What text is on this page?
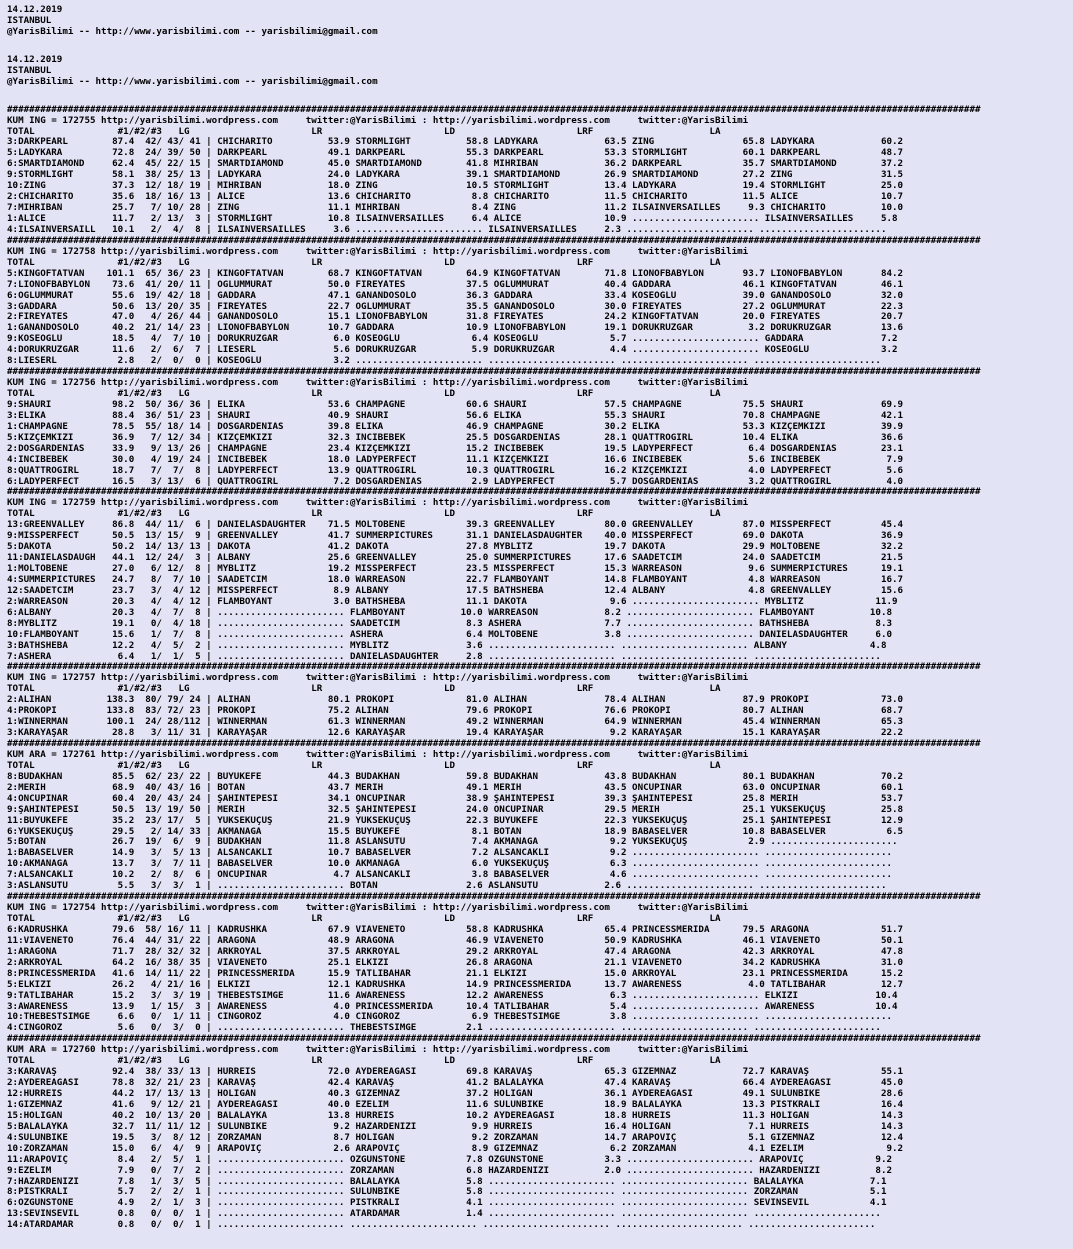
14.12.2019
ISTANBUL
@YarisBilimi -- http://www.yarisbilimi.com -- yarisbilimi@gmail.com
14.12.2019
ISTANBUL
@YarisBilimi -- http://www.yarisbilimi.com -- yarisbilimi@gmail.com
################################################################################################################################################################################
KUM ING = 172755 http://yarisbilimi.wordpress.com     twitter:@YarisBilimi : http://yarisbilimi.wordpress.com     twitter:@YarisBilimi
TOTAL               #1/#2/#3   LG                      LR                      LD                      LRF                     LA
3:DARKPEARL        87.4  42/ 43/ 41 | CHICHARITO          53.9 STORMLIGHT          58.8 LADYKARA            63.5 ZING                65.8 LADYKARA            60.2
5:LADYKARA         72.8  24/ 39/ 50 | DARKPEARL           49.1 DARKPEARL           55.3 DARKPEARL           53.3 STORMLIGHT          60.1 DARKPEARL           48.7
6:SMARTDIAMOND     62.4  45/ 22/ 15 | SMARTDIAMOND        45.0 SMARTDIAMOND        41.8 MİHRİBAN            36.2 DARKPEARL           35.7 SMARTDIAMOND        37.2
9:STORMLIGHT       58.1  38/ 25/ 13 | LADYKARA            24.0 LADYKARA            39.1 SMARTDIAMOND        26.9 SMARTDIAMOND        27.2 ZING                31.5
10:ZING            37.3  12/ 18/ 19 | MİHRİBAN            18.0 ZING                10.5 STORMLIGHT          13.4 LADYKARA            19.4 STORMLIGHT          25.0
2:CHICHARITO       35.6  18/ 16/ 13 | ALICE               13.6 CHICHARITO           8.8 CHICHARITO          11.5 CHICHARITO          11.5 ALICE               10.7
7:MİHRİBAN         25.7   7/ 10/ 28 | ZING                11.1 MİHRİBAN             8.4 ZING                11.2 ILSAINVERSAILLES     9.3 CHICHARITO          10.0
1:ALICE            11.7   2/ 13/  3 | STORMLIGHT          10.8 ILSAINVERSAILLES     6.4 ALICE               10.9 ....................... ILSAINVERSAILLES     5.8
4:ILSAINVERSAILL   10.1   2/  4/  8 | ILSAINVERSAILLES     3.6 ....................... ILSAINVERSAILLES     2.3 ....................... .......................
################################################################################################################################################################################
KUM ING = 172758 http://yarisbilimi.wordpress.com     twitter:@YarisBilimi : http://yarisbilimi.wordpress.com     twitter:@YarisBilimi
TOTAL               #1/#2/#3   LG                      LR                      LD                      LRF                     LA
5:KINGOFTATVAN    101.1  65/ 36/ 23 | KINGOFTATVAN        68.7 KINGOFTATVAN        64.9 KINGOFTATVAN        71.8 LIONOFBABYLON       93.7 LIONOFBABYLON       84.2
7:LIONOFBABYLON    73.6  41/ 20/ 11 | OGLUMMURAT          50.0 FIREYATES           37.5 OGLUMMURAT          40.4 GADDARA             46.1 KINGOFTATVAN        46.1
6:OGLUMMURAT       55.6  19/ 42/ 18 | GADDARA             47.1 GANANDOSOLO         36.3 GADDARA             33.4 KOSEOGLU            39.0 GANANDOSOLO         32.0
3:GADDARA          50.6  13/ 20/ 35 | FIREYATES           22.7 OGLUMMURAT          35.5 GANANDOSOLO         30.0 FIREYATES           27.2 OGLUMMURAT          22.3
2:FIREYATES        47.0   4/ 26/ 44 | GANANDOSOLO         15.1 LIONOFBABYLON       31.8 FIREYATES           24.2 KINGOFTATVAN        20.0 FIREYATES           20.7
1:GANANDOSOLO      40.2  21/ 14/ 23 | LIONOFBABYLON       10.7 GADDARA             10.9 LIONOFBABYLON       19.1 DORUKRUZGAR          3.2 DORUKRUZGAR         13.6
9:KOSEOGLU         18.5   4/  7/ 10 | DORUKRUZGAR          6.0 KOSEOGLU             6.4 KOSEOGLU             5.7 ....................... GADDARA              7.2
4:DORUKRUZGAR      11.6   2/  6/  7 | LIESERL              5.6 DORUKRUZGAR          5.9 DORUKRUZGAR          4.4 ....................... KOSEOGLU             3.2
8:LIESERL           2.8   2/  0/  0 | KOSEOGLU             3.2 ....................... ....................... ....................... .......................
################################################################################################################################################################################
KUM ING = 172756 http://yarisbilimi.wordpress.com     twitter:@YarisBilimi : http://yarisbilimi.wordpress.com     twitter:@YarisBilimi
TOTAL               #1/#2/#3   LG                      LR                      LD                      LRF                     LA
9:SHAURI           98.2  50/ 36/ 36 | ELIKA               53.6 CHAMPAGNE           60.6 SHAURI              57.5 CHAMPAGNE           75.5 SHAURI              69.9
3:ELIKA            88.4  36/ 51/ 23 | SHAURI              40.9 SHAURI              56.6 ELIKA               55.3 SHAURI              70.8 CHAMPAGNE           42.1
1:CHAMPAGNE        78.5  55/ 18/ 14 | DOSGARDENIAS        39.8 ELIKA               46.9 CHAMPAGNE           30.2 ELIKA               53.3 KIZÇEMKIZI          39.9
5:KIZÇEMKIZI       36.9   7/ 12/ 34 | KIZÇEMKIZI          32.3 İNCİBEBEK           25.5 DOSGARDENIAS        28.1 QUATTROGIRL         10.4 ELIKA               36.6
2:DOSGARDENIAS     33.9   9/ 13/ 26 | CHAMPAGNE           23.4 KIZÇEMKIZI          15.2 İNCİBEBEK           19.5 LADYPERFECT          6.4 DOSGARDENIAS        23.1
4:İNCİBEBEK        30.0   4/ 19/ 24 | İNCİBEBEK           18.0 LADYPERFECT         11.1 KIZÇEMKIZI          16.6 İNCİBEBEK            5.6 İNCİBEBEK            7.9
8:QUATTROGIRL      18.7   7/  7/  8 | LADYPERFECT         13.9 QUATTROGIRL         10.3 QUATTROGIRL         16.2 KIZÇEMKIZI           4.0 LADYPERFECT          5.6
6:LADYPERFECT      16.5   3/ 13/  6 | QUATTROGIRL          7.2 DOSGARDENIAS         2.9 LADYPERFECT          5.7 DOSGARDENIAS         3.2 QUATTROGIRL          4.0
################################################################################################################################################################################
KUM ING = 172759 http://yarisbilimi.wordpress.com     twitter:@YarisBilimi : http://yarisbilimi.wordpress.com     twitter:@YarisBilimi
TOTAL               #1/#2/#3   LG                      LR                      LD                      LRF                     LA
13:GREENVALLEY     86.8  44/ 11/  6 | DANIELASDAUGHTER    71.5 MOLTOBENE           39.3 GREENVALLEY         80.0 GREENVALLEY         87.0 MISSPERFECT         45.4
9:MISSPERFECT      50.5  13/ 15/  9 | GREENVALLEY         41.7 SUMMERPICTURES      31.1 DANIELASDAUGHTER    40.0 MISSPERFECT         69.0 DAKOTA              36.9
5:DAKOTA           50.2  14/ 13/ 13 | DAKOTA              41.2 DAKOTA              27.8 MYBLITZ             19.7 DAKOTA              29.9 MOLTOBENE           32.2
11:DANIELASDAUGH   44.1  12/ 24/  3 | ALBANY              25.6 GREENVALLEY         25.0 SUMMERPICTURES      17.6 SAADETCİM           24.0 SAADETCİM           21.5
1:MOLTOBENE        27.0   6/ 12/  8 | MYBLITZ             19.2 MISSPERFECT         23.5 MISSPERFECT         15.3 WARREASON            9.6 SUMMERPICTURES      19.1
4:SUMMERPICTURES   24.7   8/  7/ 10 | SAADETCİM           18.0 WARREASON           22.7 FLAMBOYANT          14.8 FLAMBOYANT           4.8 WARREASON           16.7
12:SAADETCİM       23.7   3/  4/ 12 | MISSPERFECT          8.9 ALBANY              17.5 BATHSHEBA           12.4 ALBANY               4.8 GREENVALLEY         15.6
2:WARREASON        20.3   4/  4/ 12 | FLAMBOYANT           3.0 BATHSHEBA           11.1 DAKOTA               9.6 ....................... MYBLITZ             11.9
6:ALBANY           20.3   4/  7/  8 | ....................... FLAMBOYANT          10.0 WARREASON            8.2 ....................... FLAMBOYANT          10.8
8:MYBLITZ          19.1   0/  4/ 18 | ....................... SAADETCİM            8.3 ASHERA               7.7 ....................... BATHSHEBA            8.3
10:FLAMBOYANT      15.6   1/  7/  8 | ....................... ASHERA               6.4 MOLTOBENE            3.8 ....................... DANIELASDAUGHTER     6.0
3:BATHSHEBA        12.2   4/  5/  2 | ....................... MYBLITZ              3.6 ....................... ....................... ALBANY               4.8
7:ASHERA            6.4   1/  1/  5 | ....................... DANIELASDAUGHTER     2.8 ....................... ....................... .......................
################################################################################################################################################################################
KUM ING = 172757 http://yarisbilimi.wordpress.com     twitter:@YarisBilimi : http://yarisbilimi.wordpress.com     twitter:@YarisBilimi
TOTAL               #1/#2/#3   LG                      LR                      LD                      LRF                     LA
2:ALİHAN          138.3  80/ 79/ 24 | ALİHAN              80.1 PROKOPİ             81.0 ALİHAN              78.4 ALİHAN              87.9 PROKOPİ             73.0
4:PROKOPİ         133.8  83/ 72/ 23 | PROKOPİ             75.2 ALİHAN              79.6 PROKOPİ             76.6 PROKOPİ             80.7 ALİHAN              68.7
1:WINNERMAN       100.1  24/ 28/112 | WINNERMAN           61.3 WINNERMAN           49.2 WINNERMAN           64.9 WINNERMAN           45.4 WINNERMAN           65.3
3:KARAYAŞAR        28.8   3/ 11/ 31 | KARAYAŞAR           12.6 KARAYAŞAR           19.4 KARAYAŞAR            9.2 KARAYAŞAR           15.1 KARAYAŞAR           22.2
################################################################################################################################################################################
KUM ARA = 172761 http://yarisbilimi.wordpress.com     twitter:@YarisBilimi : http://yarisbilimi.wordpress.com     twitter:@YarisBilimi
TOTAL               #1/#2/#3   LG                      LR                      LD                      LRF                     LA
8:BUDAKHAN         85.5  62/ 23/ 22 | BÜYÜKEFE            44.3 BUDAKHAN            59.8 BUDAKHAN            43.8 BUDAKHAN            80.1 BUDAKHAN            70.2
2:MERİH            68.9  40/ 43/ 16 | BOTAN               43.7 MERİH               49.1 MERİH               43.5 ONCUPINAR           63.0 ONCUPINAR           60.1
4:ONCUPINAR        60.4  20/ 43/ 24 | ŞAHİNTEPESİ         34.1 ONCUPINAR           38.9 ŞAHİNTEPESİ         39.3 ŞAHİNTEPESİ         25.8 MERİH               53.7
9:ŞAHİNTEPESİ      50.5  13/ 19/ 50 | MERİH               32.5 ŞAHİNTEPESİ         24.0 ONCUPINAR           29.5 MERİH               25.1 YÜKSEKUÇUŞ          25.8
11:BÜYÜKEFE        35.2  23/ 17/  5 | YÜKSEKUÇUŞ          21.9 YÜKSEKUÇUŞ          22.3 BÜYÜKEFE            22.3 YÜKSEKUÇUŞ          25.1 ŞAHİNTEPESİ         12.9
6:YÜKSEKUÇUŞ       29.5   2/ 14/ 33 | AKMANAĞA            15.5 BÜYÜKEFE             8.1 BOTAN               18.9 BABASELVER          10.8 BABASELVER           6.5
5:BOTAN            26.7  19/  6/  9 | BUDAKHAN            11.8 ASLANSUTU            7.4 AKMANAĞA             9.2 YÜKSEKUÇUŞ           2.9 .......................
1:BABASELVER       14.9   3/  5/ 13 | ALSANCAKLI          10.7 BABASELVER           7.2 ALSANCAKLI           9.2 ....................... .......................
10:AKMANAĞA        13.7   3/  7/ 11 | BABASELVER          10.0 AKMANAĞA             6.0 YÜKSEKUÇUŞ           6.3 ....................... .......................
7:ALSANCAKLI       10.2   2/  8/  6 | ONCUPINAR            4.7 ALSANCAKLI           3.8 BABASELVER           4.6 ....................... .......................
3:ASLANSUTU         5.5   3/  3/  1 | ....................... BOTAN                2.6 ASLANSUTU            2.6 ....................... .......................
################################################################################################################################################################################
KUM ING = 172754 http://yarisbilimi.wordpress.com     twitter:@YarisBilimi : http://yarisbilimi.wordpress.com     twitter:@YarisBilimi
TOTAL               #1/#2/#3   LG                      LR                      LD                      LRF                     LA
6:KADRUSHKA        79.6  58/ 16/ 11 | KADRUSHKA           67.9 VIAVENETO           58.8 KADRUSHKA           65.4 PRINCESSMERİDA      79.5 ARAGONA             51.7
11:VIAVENETO       76.4  44/ 31/ 22 | ARAGONA             48.9 ARAGONA             46.9 VIAVENETO           50.9 KADRUSHKA           46.1 VIAVENETO           50.1
1:ARAGONA          71.7  28/ 32/ 32 | ARKROYAL            37.5 ARKROYAL            29.2 ARKROYAL            47.4 ARAGONA             42.3 ARKROYAL            47.8
2:ARKROYAL         64.2  16/ 38/ 35 | VIAVENETO           25.1 ELKIZI              26.8 ARAGONA             21.1 VIAVENETO           34.2 KADRUSHKA           31.0
8:PRINCESSMERİDA   41.6  14/ 11/ 22 | PRINCESSMERİDA      15.9 TATLIBAHAR          21.1 ELKIZI              15.0 ARKROYAL            23.1 PRINCESSMERİDA      15.2
5:ELKIZI           26.2   4/ 21/ 16 | ELKIZI              12.1 KADRUSHKA           14.9 PRINCESSMERİDA      13.7 AWARENESS            4.0 TATLIBAHAR          12.7
9:TATLIBAHAR       15.2   3/  3/ 19 | THEBESTSİMGE        11.6 AWARENESS           12.2 AWARENESS            6.3 ....................... ELKIZI              10.4
3:AWARENESS        13.9   1/ 15/  3 | AWARENESS            4.0 PRINCESSMERİDA      10.4 TATLIBAHAR           5.4 ....................... AWARENESS           10.4
10:THEBESTSİMGE     6.6   0/  1/ 11 | CİNGOROZ             4.0 CİNGOROZ             6.9 THEBESTSİMGE         3.8 ....................... .......................
4:CİNGOROZ          5.6   0/  3/  0 | ....................... THEBESTSİMGE         2.1 ....................... ....................... .......................
################################################################################################################################################################################
KUM ARA = 172760 http://yarisbilimi.wordpress.com     twitter:@YarisBilimi : http://yarisbilimi.wordpress.com     twitter:@YarisBilimi
TOTAL               #1/#2/#3   LG                      LR                      LD                      LRF                     LA
3:KARAVAŞ          92.4  38/ 33/ 13 | HÜRREİS             72.0 AYDEREAĞASI         69.8 KARAVAŞ             65.3 GİZEMNAZ            72.7 KARAVAŞ             55.1
2:AYDEREAĞASI      78.8  32/ 21/ 23 | KARAVAŞ             42.4 KARAVAŞ             41.2 BALALAYKA           47.4 KARAVAŞ             66.4 AYDEREAĞASI         45.0
12:HÜRREİS         44.2  17/ 13/ 13 | HOLİGAN             40.3 GİZEMNAZ            37.2 HOLİGAN             36.1 AYDEREAĞASI         49.1 SÜLÜNBİKE           28.6
1:GİZEMNAZ         41.6   9/ 12/ 21 | AYDEREAĞASI         40.0 EZELİM              11.6 SÜLÜNBİKE           18.9 BALALAYKA           13.3 PİSTKRALI           16.4
15:HOLİGAN         40.2  10/ 13/ 20 | BALALAYKA           13.8 HÜRREİS             10.2 AYDEREAĞASI         18.8 HÜRREİS             11.3 HOLİGAN             14.3
5:BALALAYKA        32.7  11/ 11/ 12 | SÜLÜNBİKE            9.2 HAZARDENİZİ          9.9 HÜRREİS             16.4 HOLİGAN              7.1 HÜRREİS             14.3
4:SÜLÜNBİKE        19.5   3/  8/ 12 | ZORZAMAN             8.7 HOLİGAN              9.2 ZORZAMAN            14.7 ARAPOVİÇ             5.1 GİZEMNAZ            12.4
10:ZORZAMAN        15.0   6/  4/  9 | ARAPOVİÇ             2.6 ARAPOVİÇ             8.9 GİZEMNAZ             6.2 ZORZAMAN             4.1 EZELİM               9.2
11:ARAPOVİÇ         8.4   2/  5/  1 | ....................... ÖZGÜNSTONE           7.8 ÖZGÜNSTONE           3.3 ....................... ARAPOVİÇ             9.2
9:EZELİM            7.9   0/  7/  2 | ....................... ZORZAMAN             6.8 HAZARDENİZİ          2.0 ....................... HAZARDENİZİ          8.2
7:HAZARDENİZİ       7.8   1/  3/  5 | ....................... BALALAYKA            5.8 ....................... ....................... BALALAYKA            7.1
8:PİSTKRALI         5.7   2/  2/  1 | ....................... SÜLÜNBİKE            5.8 ....................... ....................... ZORZAMAN             5.1
6:ÖZGÜNSTONE        4.9   2/  1/  3 | ....................... PİSTKRALI            4.1 ....................... ....................... SEVİNSEVİL           4.1
13:SEVİNSEVİL       0.8   0/  0/  1 | ....................... ATARDAMAR            1.4 ....................... ....................... .......................
14:ATARDAMAR        0.8   0/  0/  1 | ....................... ....................... ....................... ....................... .......................
